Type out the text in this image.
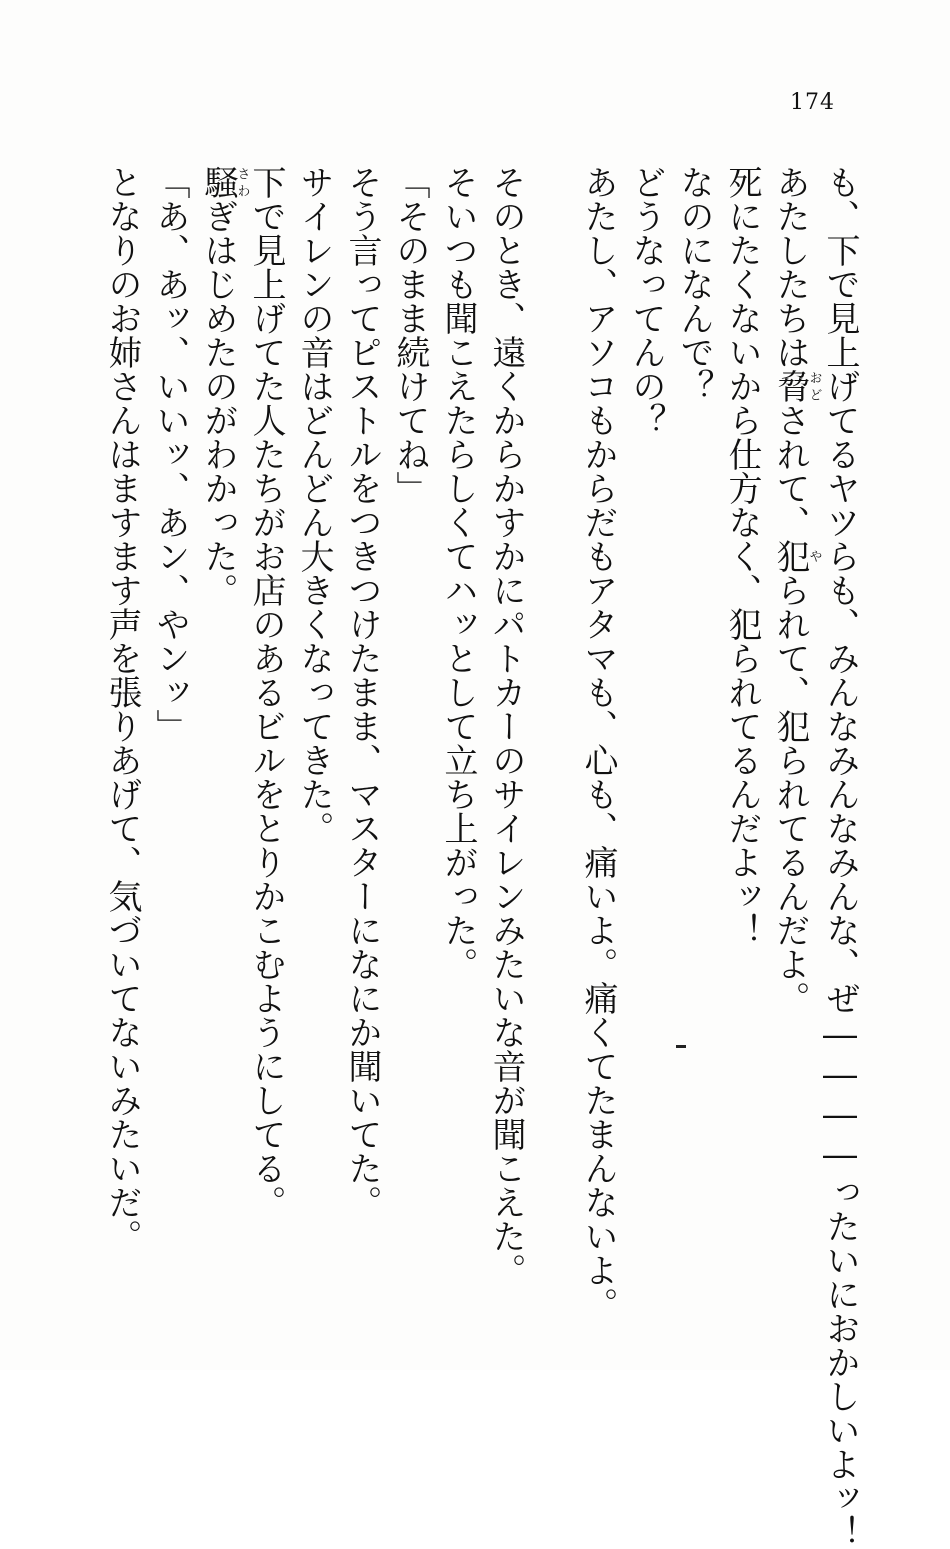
174
も、下で見上げてるヤツらも、みんなみんなみんな、ぜ――――ったいにおかしいよッ！
あたしたちは脅おどされて、犯やられて、犯られてるんだよ。
死にたくないから仕方なく、犯られてるんだよッ！
なのになんで？
どうなってんの？
あたし、アソコもからだもアタマも、心も、痛いよ。痛くてたまんないよ。
そのとき、遠くからかすかにパトカーのサイレンみたいな音が聞こえた。
そいつも聞こえたらしくてハッとして立ち上がった。
「そのまま続けてね」
そう言ってピストルをつきつけたまま、マスターになにか聞いてた。
サイレンの音はどんどん大きくなってきた。
下で見上げてた人たちがお店のあるビルをとりかこむようにしてる。
騒さわぎはじめたのがわかった。
「あ、あッ、いいッ、あン、やンッ」
となりのお姉さんはますます声を張りあげて、気づいてないみたいだ。
